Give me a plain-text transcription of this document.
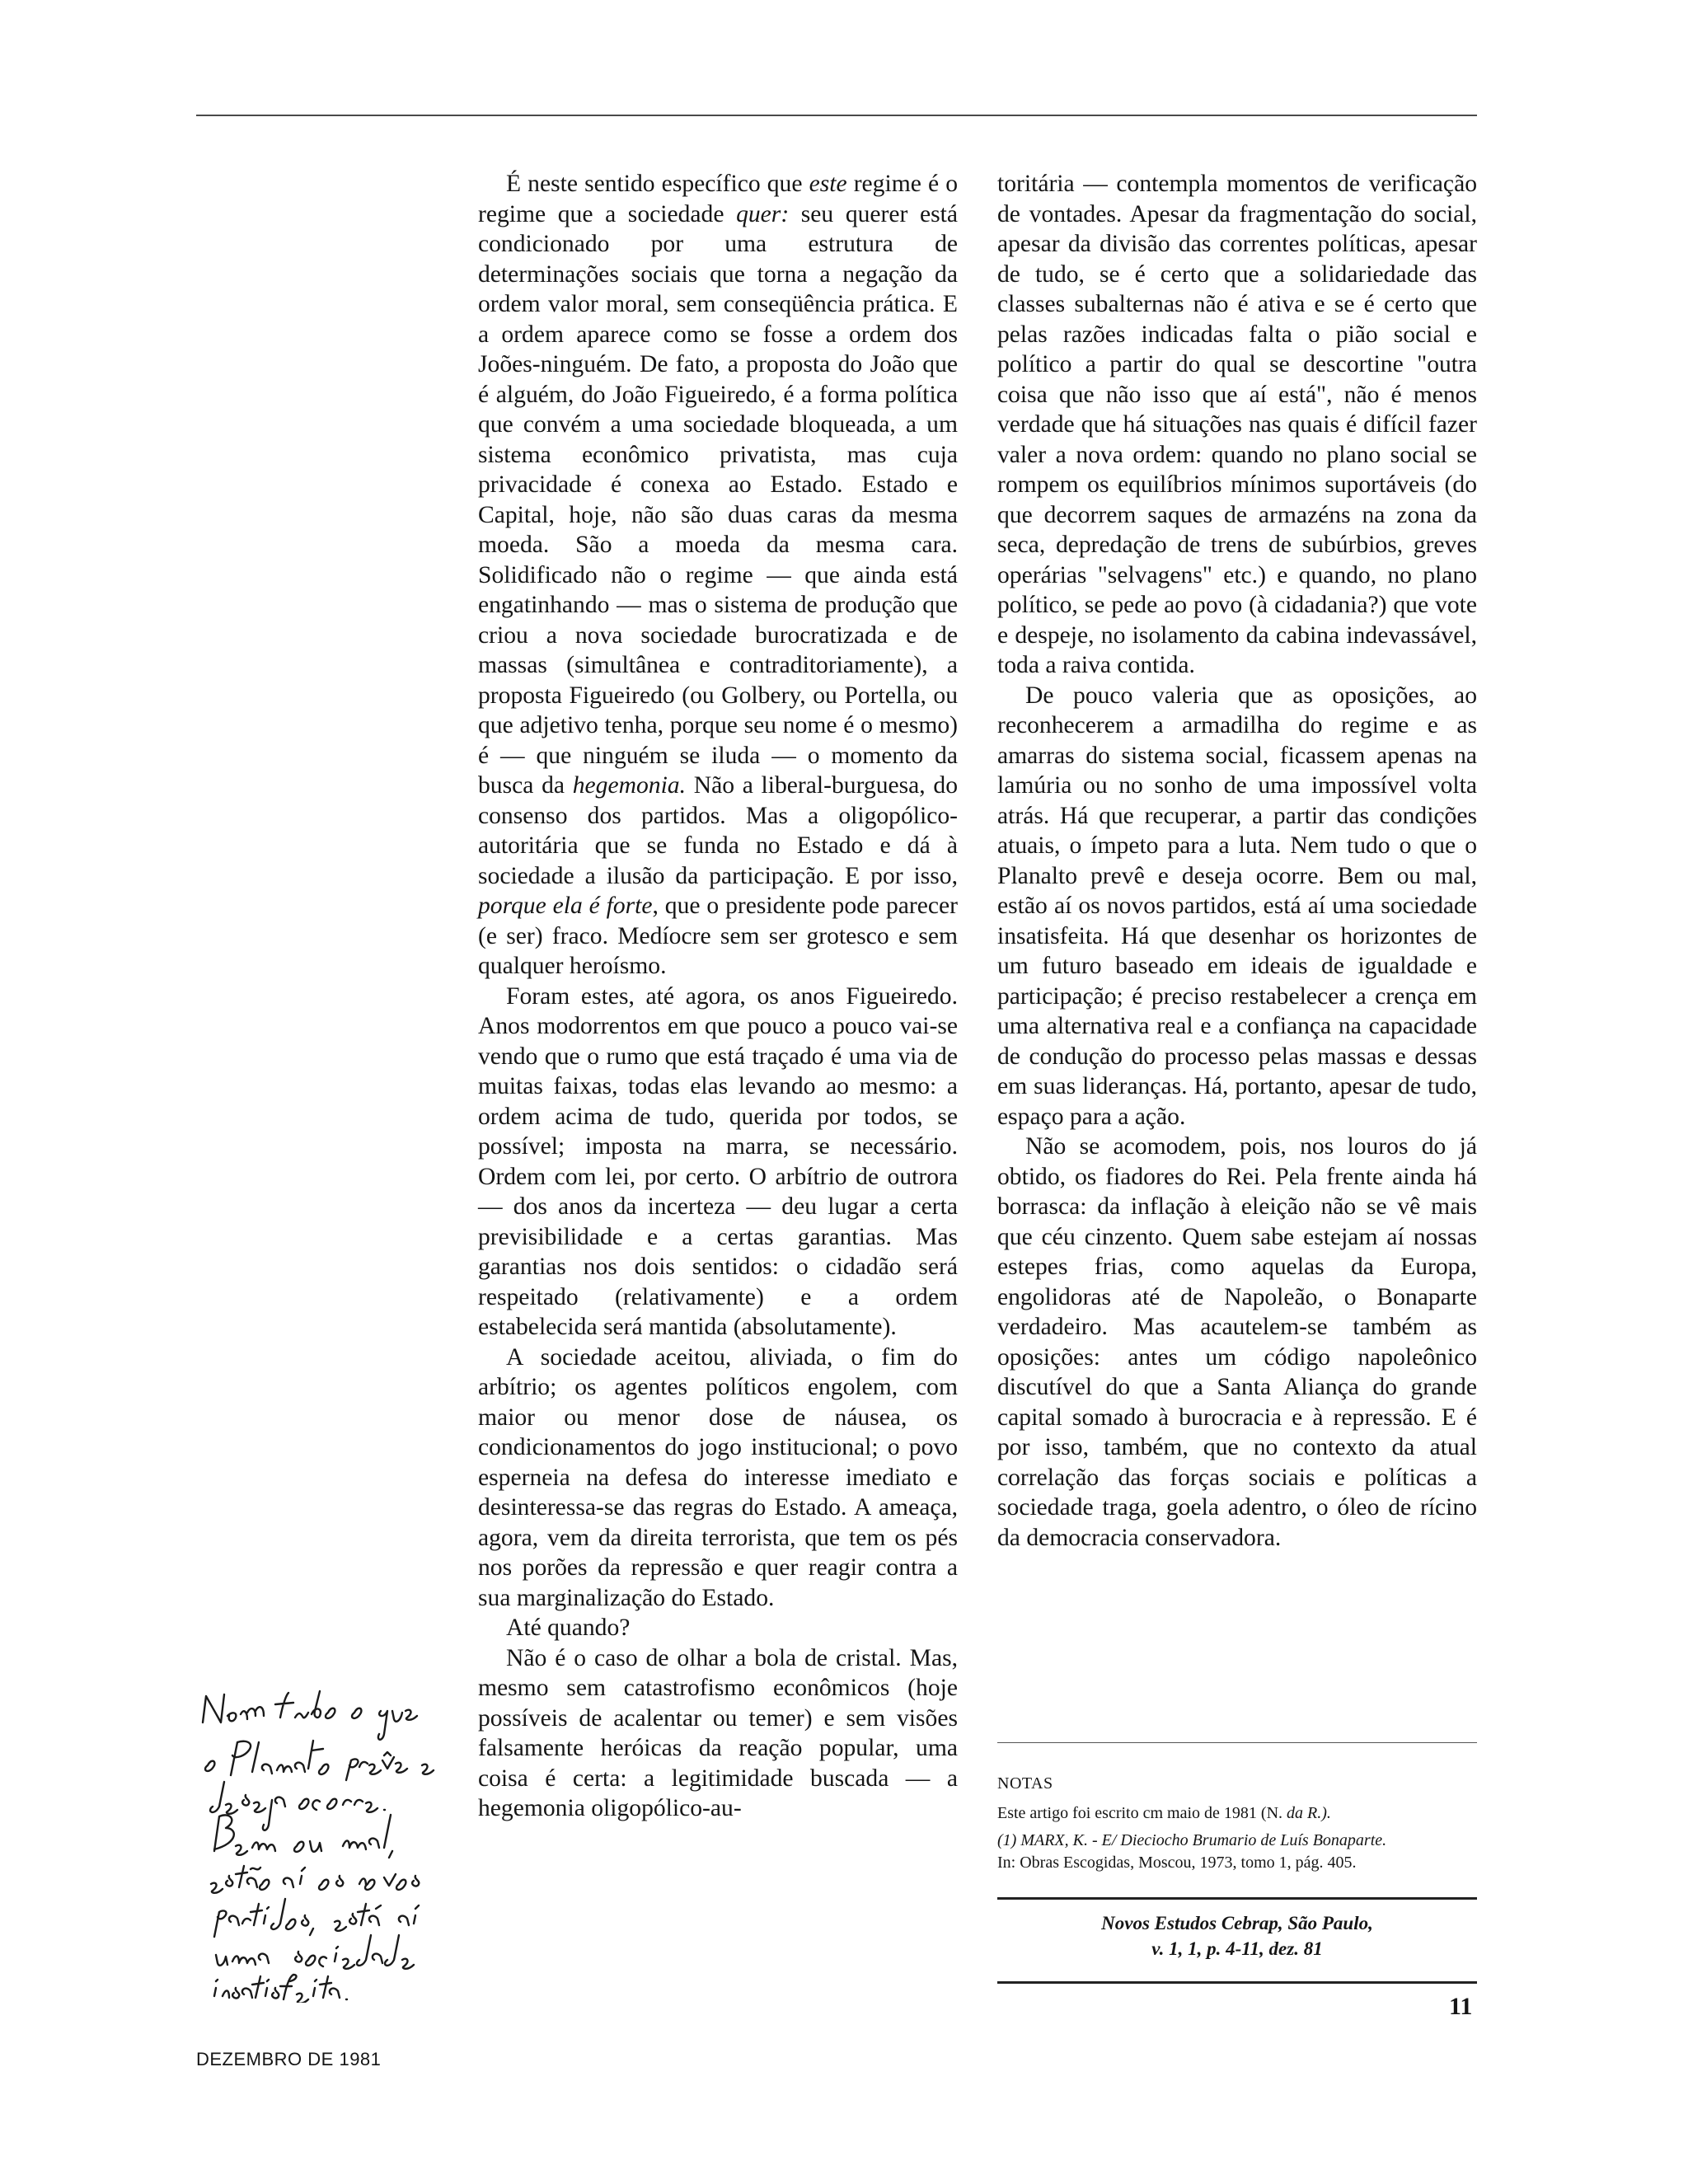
É neste sentido específico que este regime é o regime que a sociedade quer: seu querer está condicionado por uma estrutura de determinações sociais que torna a negação da ordem valor moral, sem conseqüência prática. E a ordem aparece como se fosse a ordem dos Joões-ninguém. De fato, a proposta do João que é alguém, do João Figueiredo, é a forma política que convém a uma sociedade bloqueada, a um sistema econômico privatista, mas cuja privacidade é conexa ao Estado. Estado e Capital, hoje, não são duas caras da mesma moeda. São a moeda da mesma cara. Solidificado não o regime — que ainda está engatinhando — mas o sistema de produção que criou a nova sociedade burocratizada e de massas (simultânea e contraditoriamente), a proposta Figueiredo (ou Golbery, ou Portella, ou que adjetivo tenha, porque seu nome é o mesmo) é — que ninguém se iluda — o momento da busca da hegemonia. Não a liberal-burguesa, do consenso dos partidos. Mas a oligopólico-autoritária que se funda no Estado e dá à sociedade a ilusão da participação. E por isso, porque ela é forte, que o presidente pode parecer (e ser) fraco. Medíocre sem ser grotesco e sem qualquer heroísmo.

Foram estes, até agora, os anos Figueiredo. Anos modorrentos em que pouco a pouco vai-se vendo que o rumo que está traçado é uma via de muitas faixas, todas elas levando ao mesmo: a ordem acima de tudo, querida por todos, se possível; imposta na marra, se necessário. Ordem com lei, por certo. O arbítrio de outrora — dos anos da incerteza — deu lugar a certa previsibilidade e a certas garantias. Mas garantias nos dois sentidos: o cidadão será respeitado (relativamente) e a ordem estabelecida será mantida (absolutamente).

A sociedade aceitou, aliviada, o fim do arbítrio; os agentes políticos engolem, com maior ou menor dose de náusea, os condicionamentos do jogo institucional; o povo esperneia na defesa do interesse imediato e desinteressa-se das regras do Estado. A ameaça, agora, vem da direita terrorista, que tem os pés nos porões da repressão e quer reagir contra a sua marginalização do Estado.

Até quando?

Não é o caso de olhar a bola de cristal. Mas, mesmo sem catastrofismo econômicos (hoje possíveis de acalentar ou temer) e sem visões falsamente heróicas da reação popular, uma coisa é certa: a legitimidade buscada — a hegemonia oligopólico-au-

toritária — contempla momentos de verificação de vontades. Apesar da fragmentação do social, apesar da divisão das correntes políticas, apesar de tudo, se é certo que a solidariedade das classes subalternas não é ativa e se é certo que pelas razões indicadas falta o pião social e político a partir do qual se descortine "outra coisa que não isso que aí está", não é menos verdade que há situações nas quais é difícil fazer valer a nova ordem: quando no plano social se rompem os equilíbrios mínimos suportáveis (do que decorrem saques de armazéns na zona da seca, depredação de trens de subúrbios, greves operárias "selvagens" etc.) e quando, no plano político, se pede ao povo (à cidadania?) que vote e despeje, no isolamento da cabina indevassável, toda a raiva contida.

De pouco valeria que as oposições, ao reconhecerem a armadilha do regime e as amarras do sistema social, ficassem apenas na lamúria ou no sonho de uma impossível volta atrás. Há que recuperar, a partir das condições atuais, o ímpeto para a luta. Nem tudo o que o Planalto prevê e deseja ocorre. Bem ou mal, estão aí os novos partidos, está aí uma sociedade insatisfeita. Há que desenhar os horizontes de um futuro baseado em ideais de igualdade e participação; é preciso restabelecer a crença em uma alternativa real e a confiança na capacidade de condução do processo pelas massas e dessas em suas lideranças. Há, portanto, apesar de tudo, espaço para a ação.

Não se acomodem, pois, nos louros do já obtido, os fiadores do Rei. Pela frente ainda há borrasca: da inflação à eleição não se vê mais que céu cinzento. Quem sabe estejam aí nossas estepes frias, como aquelas da Europa, engolidoras até de Napoleão, o Bonaparte verdadeiro. Mas acautelem-se também as oposições: antes um código napoleônico discutível do que a Santa Aliança do grande capital somado à burocracia e à repressão. E é por isso, também, que no contexto da atual correlação das forças sociais e políticas a sociedade traga, goela adentro, o óleo de rícino da democracia conservadora.

NOTAS

Este artigo foi escrito cm maio de 1981 (N. da R.).

(1) MARX, K. - E/ Dieciocho Brumario de Luís Bonaparte.
In: Obras Escogidas, Moscou, 1973, tomo 1, pág. 405.

Novos Estudos Cebrap, São Paulo,
v. 1, 1, p. 4-11, dez. 81
11
DEZEMBRO DE 1981
